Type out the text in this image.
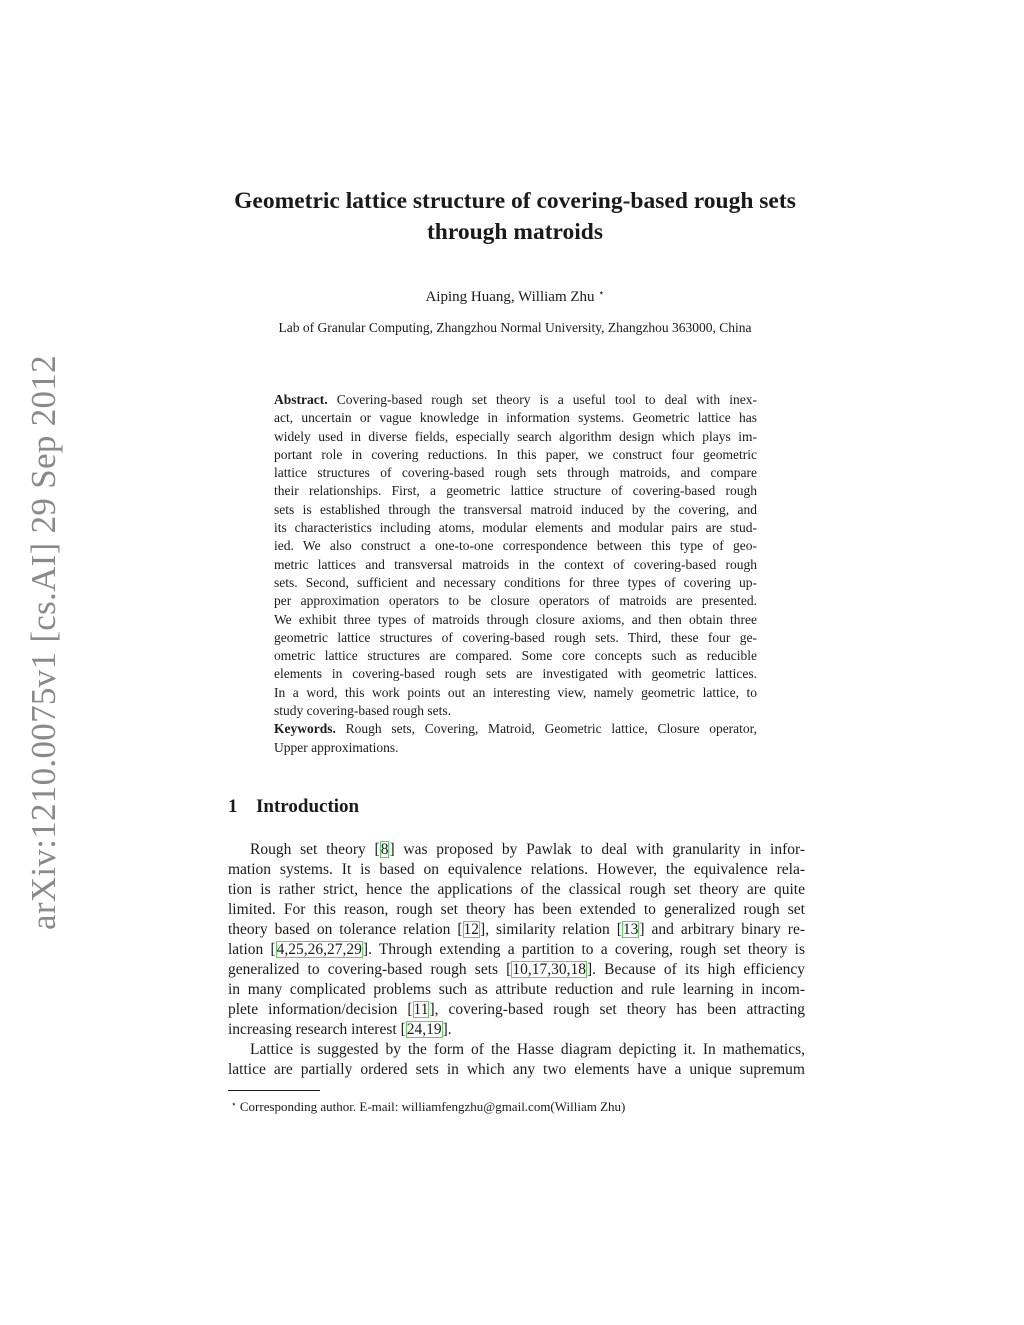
arXiv:1210.0075v1 [cs.AI] 29 Sep 2012
Geometric lattice structure of covering-based rough sets
through matroids
Aiping Huang, William Zhu ⋆
Lab of Granular Computing, Zhangzhou Normal University, Zhangzhou 363000, China
Abstract. Covering-based rough set theory is a useful tool to deal with inex-
act, uncertain or vague knowledge in information systems. Geometric lattice has
widely used in diverse fields, especially search algorithm design which plays im-
portant role in covering reductions. In this paper, we construct four geometric
lattice structures of covering-based rough sets through matroids, and compare
their relationships. First, a geometric lattice structure of covering-based rough
sets is established through the transversal matroid induced by the covering, and
its characteristics including atoms, modular elements and modular pairs are stud-
ied. We also construct a one-to-one correspondence between this type of geo-
metric lattices and transversal matroids in the context of covering-based rough
sets. Second, sufficient and necessary conditions for three types of covering up-
per approximation operators to be closure operators of matroids are presented.
We exhibit three types of matroids through closure axioms, and then obtain three
geometric lattice structures of covering-based rough sets. Third, these four ge-
ometric lattice structures are compared. Some core concepts such as reducible
elements in covering-based rough sets are investigated with geometric lattices.
In a word, this work points out an interesting view, namely geometric lattice, to
study covering-based rough sets.
Keywords. Rough sets, Covering, Matroid, Geometric lattice, Closure operator,
Upper approximations.
1 Introduction
Rough set theory [8] was proposed by Pawlak to deal with granularity in infor-
mation systems. It is based on equivalence relations. However, the equivalence rela-
tion is rather strict, hence the applications of the classical rough set theory are quite
limited. For this reason, rough set theory has been extended to generalized rough set
theory based on tolerance relation [12], similarity relation [13] and arbitrary binary re-
lation [4,25,26,27,29]. Through extending a partition to a covering, rough set theory is
generalized to covering-based rough sets [10,17,30,18]. Because of its high efficiency
in many complicated problems such as attribute reduction and rule learning in incom-
plete information/decision [11], covering-based rough set theory has been attracting
increasing research interest [24,19].
Lattice is suggested by the form of the Hasse diagram depicting it. In mathematics,
lattice are partially ordered sets in which any two elements have a unique supremum
⋆ Corresponding author. E-mail: williamfengzhu@gmail.com(William Zhu)
